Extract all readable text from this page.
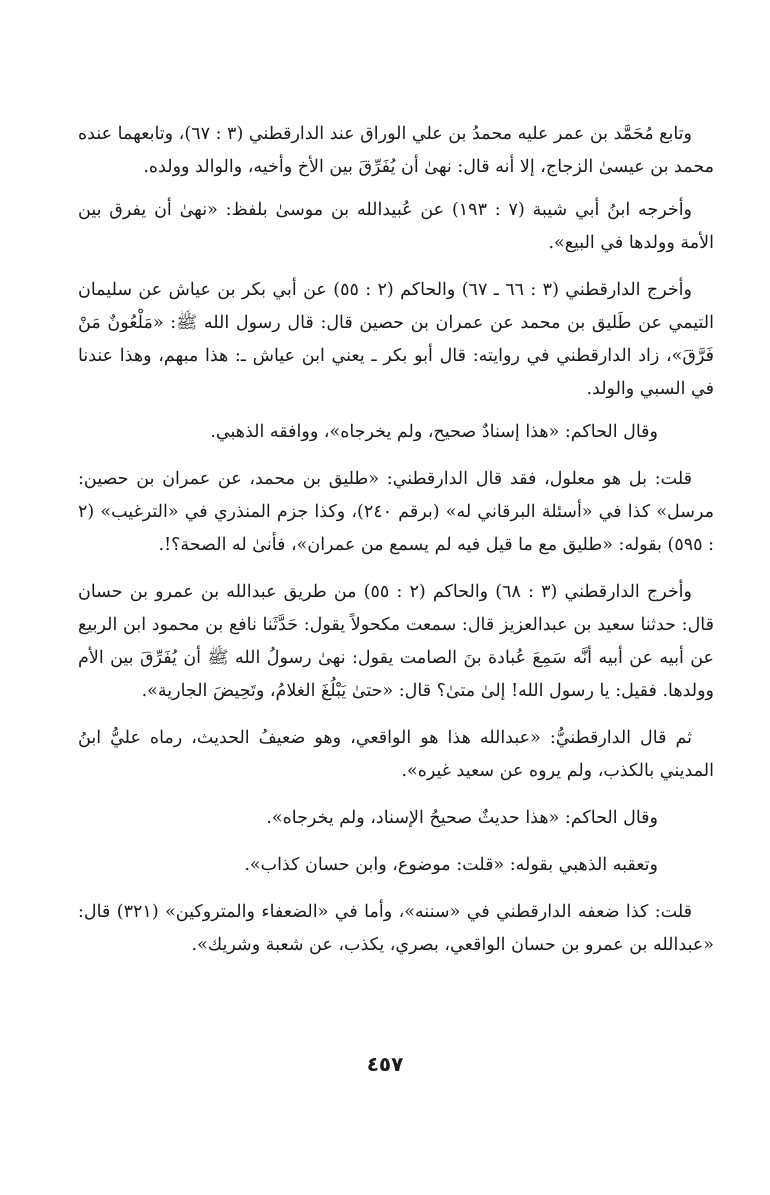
وتابع مُحَمَّد بن عمر عليه محمدُ بن علي الوراق عند الدارقطني (٣ : ٦٧)، وتابعهما عنده محمد بن عيسىٰ الزجاج، إلا أنه قال: نهىٰ أن يُفَرِّقَ بين الأخ وأخيه، والوالد وولده.

وأخرجه ابنُ أبي شيبة (٧ : ١٩٣) عن عُبيدالله بن موسىٰ بلفظ: «نهىٰ أن يفرق بين الأمة وولدها في البيع».

وأخرج الدارقطني (٣ : ٦٦ ـ ٦٧) والحاكم (٢ : ٥٥) عن أبي بكر بن عياش عن سليمان التيمي عن طَليق بن محمد عن عمران بن حصين قال: قال رسول الله ﷺ: «مَلْعُونٌ مَنْ فَرَّقَ»، زاد الدارقطني في روايته: قال أبو بكر ـ يعني ابن عياش ـ: هذا مبهم، وهذا عندنا في السبي والولد.

وقال الحاكم: «هذا إسنادٌ صحيح، ولم يخرجاه»، ووافقه الذهبي.

قلت: بل هو معلول، فقد قال الدارقطني: «طليق بن محمد، عن عمران بن حصين: مرسل» كذا في «أسئلة البرقاني له» (برقم ٢٤٠)، وكذا جزم المنذري في «الترغيب» (٢ : ٥٩٥) بقوله: «طليق مع ما قيل فيه لم يسمع من عمران»، فأنىٰ له الصحة؟!.

وأخرج الدارقطني (٣ : ٦٨) والحاكم (٢ : ٥٥) من طريق عبدالله بن عمرو بن حسان قال: حدثنا سعيد بن عبدالعزيز قال: سمعت مكحولاً يقول: حَدَّثَنا نافع بن محمود ابن الربيع عن أبيه عن أبيه أنَّه سَمِعَ عُبادة بنَ الصامت يقول: نهىٰ رسولُ الله ﷺ أن يُفَرِّقَ بين الأم وولدها. فقيل: يا رسول الله! إلىٰ متىٰ؟ قال: «حتىٰ يَبْلُغَ الغلامُ، وتَحِيضَ الجارية».

ثم قال الدارقطنيُّ: «عبدالله هذا هو الواقعي، وهو ضعيفُ الحديث، رماه عليُّ ابنُ المديني بالكذب، ولم يروه عن سعيد غيره».

وقال الحاكم: «هذا حديثٌ صحيحُ الإسناد، ولم يخرجاه».

وتعقبه الذهبي بقوله: «قلت: موضوع، وابن حسان كذاب».

قلت: كذا ضعفه الدارقطني في «سننه»، وأما في «الضعفاء والمتروكين» (٣٢١) قال: «عبدالله بن عمرو بن حسان الواقعي، بصري، يكذب، عن شعبة وشريك».

٤٥٧
